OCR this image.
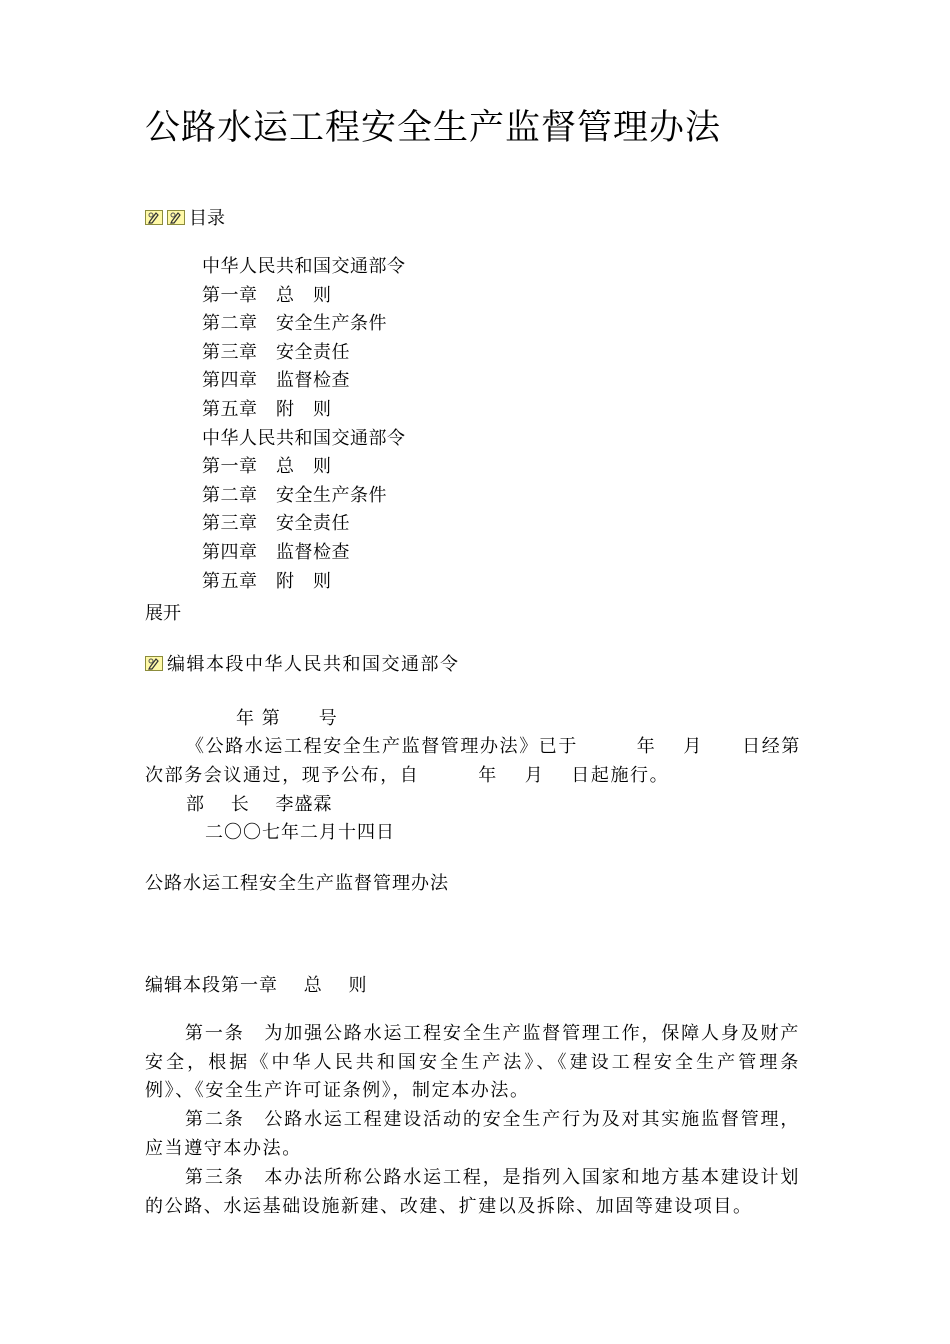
公路水运工程安全生产监督管理办法
目录
中华人民共和国交通部令
第一章　总　则
第二章　安全生产条件
第三章　安全责任
第四章　监督检查
第五章　附　则
中华人民共和国交通部令
第一章　总　则
第二章　安全生产条件
第三章　安全责任
第四章　监督检查
第五章　附　则
展开
编辑本段中华人民共和国交通部令
年 第　　号
《公路水运工程安全生产监督管理办法》已于　　　年　 月　　日经第
次部务会议通过，现予公布，自　　　年　 月　 日起施行。
部　 长　 李盛霖
二〇〇七年二月十四日
公路水运工程安全生产监督管理办法
编辑本段第一章　 总　 则

第一条　为加强公路水运工程安全生产监督管理工作，保障人身及财产安全，根据《中华人民共和国安全生产法》、《建设工程安全生产管理条例》、《安全生产许可证条例》，制定本办法。

第二条　公路水运工程建设活动的安全生产行为及对其实施监督管理，应当遵守本办法。

第三条　本办法所称公路水运工程，是指列入国家和地方基本建设计划的公路、水运基础设施新建、改建、扩建以及拆除、加固等建设项目。
